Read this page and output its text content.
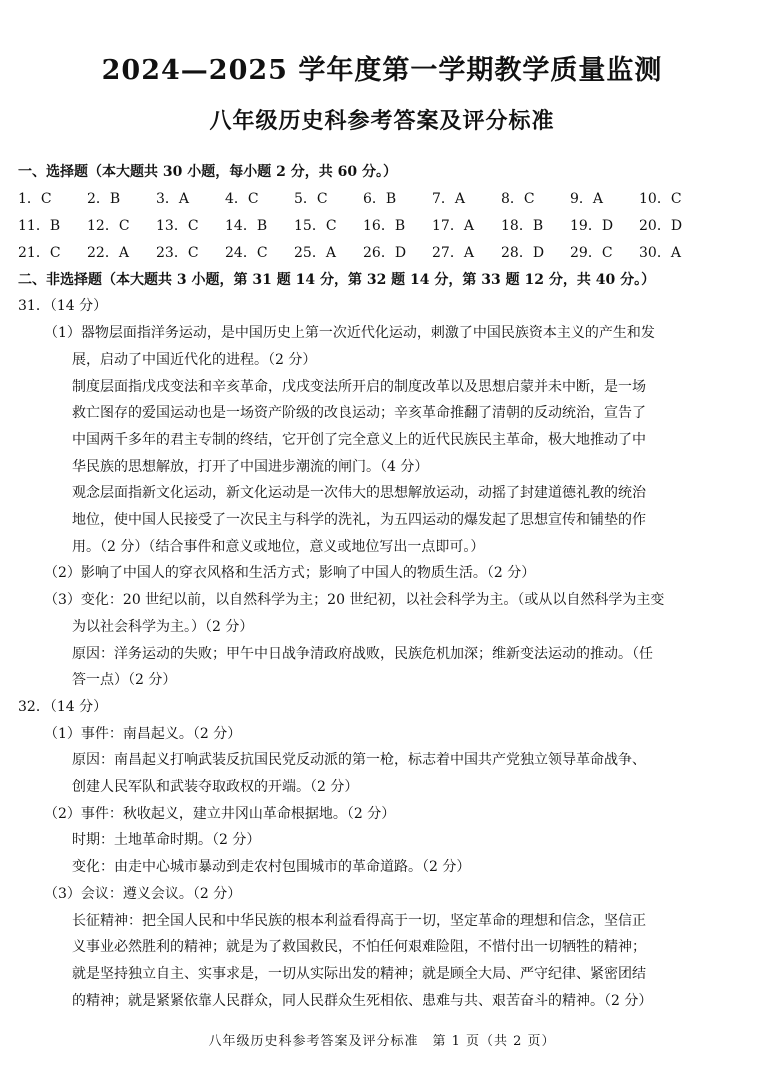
2024—2025 学年度第一学期教学质量监测
八年级历史科参考答案及评分标准
一、选择题（本大题共 30 小题，每小题 2 分，共 60 分。）
1．C	2．B	3．A	4．C	5．C	6．B	7．A	8．C	9．A	10．C
11．B	12．C	13．C	14．B	15．C	16．B	17．A	18．B	19．D	20．D
21．C	22．A	23．C	24．C	25．A	26．D	27．A	28．D	29．C	30．A
二、非选择题（本大题共 3 小题，第 31 题 14 分，第 32 题 14 分，第 33 题 12 分，共 40 分。）
31．（14 分）
（1）器物层面指洋务运动，是中国历史上第一次近代化运动，刺激了中国民族资本主义的产生和发
展，启动了中国近代化的进程。（2 分）
制度层面指戊戌变法和辛亥革命，戊戌变法所开启的制度改革以及思想启蒙并未中断，是一场
救亡图存的爱国运动也是一场资产阶级的改良运动；辛亥革命推翻了清朝的反动统治，宣告了
中国两千多年的君主专制的终结，它开创了完全意义上的近代民族民主革命，极大地推动了中
华民族的思想解放，打开了中国进步潮流的闸门。（4 分）
观念层面指新文化运动，新文化运动是一次伟大的思想解放运动，动摇了封建道德礼教的统治
地位，使中国人民接受了一次民主与科学的洗礼，为五四运动的爆发起了思想宣传和铺垫的作
用。（2 分）（结合事件和意义或地位，意义或地位写出一点即可。）
（2）影响了中国人的穿衣风格和生活方式；影响了中国人的物质生活。（2 分）
（3）变化：20 世纪以前，以自然科学为主；20 世纪初，以社会科学为主。（或从以自然科学为主变
为以社会科学为主。）（2 分）
原因：洋务运动的失败；甲午中日战争清政府战败，民族危机加深；维新变法运动的推动。（任
答一点）（2 分）
32．（14 分）
（1）事件：南昌起义。（2 分）
原因：南昌起义打响武装反抗国民党反动派的第一枪，标志着中国共产党独立领导革命战争、
创建人民军队和武装夺取政权的开端。（2 分）
（2）事件：秋收起义，建立井冈山革命根据地。（2 分）
时期：土地革命时期。（2 分）
变化：由走中心城市暴动到走农村包围城市的革命道路。（2 分）
（3）会议：遵义会议。（2 分）
长征精神：把全国人民和中华民族的根本利益看得高于一切，坚定革命的理想和信念，坚信正
义事业必然胜利的精神；就是为了救国救民，不怕任何艰难险阻，不惜付出一切牺牲的精神；
就是坚持独立自主、实事求是，一切从实际出发的精神；就是顾全大局、严守纪律、紧密团结
的精神；就是紧紧依靠人民群众，同人民群众生死相依、患难与共、艰苦奋斗的精神。（2 分）
八年级历史科参考答案及评分标准　第 1 页（共 2 页）
